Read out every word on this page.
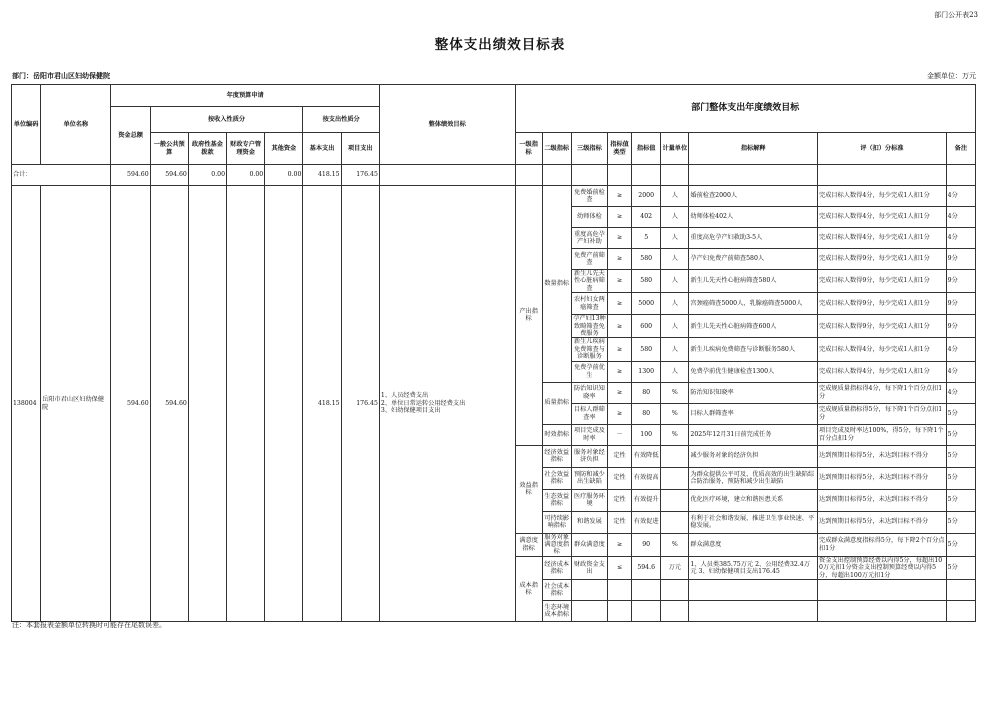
部门公开表23
整体支出绩效目标表
部门：岳阳市君山区妇幼保健院	金额单位：万元
单位编码	单位名称	年度预算申请							整体绩效目标	部门整体支出年度绩效目标								
		资金总额	按收入性质分				按支出性质分											
			一般公共预算	政府性基金拨款	财政专户管理资金	其他资金	基本支出	项目支出		一级指标	二级指标	三级指标	指标值类型	指标值	计量单位	指标解释	评（扣）分标准	备注
合计：		594.60	594.60	0.00	0.00	0.00	418.15	176.45										
138004	岳阳市君山区妇幼保健院	594.60	594.60				418.15	176.45	1、人员经费支出
2、单位日常运转公用经费支出
3、妇幼保健项目支出	产出指标	数量指标	免费婚前检查	≥	2000	人	婚前检查2000人	完成目标人数得4分，每少完成1人扣1分	4分
												幼师体检	≥	402	人	幼师体检402人	完成目标人数得4分，每少完成1人扣1分	4分
												重度高危孕产妇补助	≥	5	人	重度高危孕产妇救助3-5人	完成目标人数得4分，每少完成1人扣1分	4分
												免费产前筛查	≥	580	人	孕产妇免费产前筛查580人	完成目标人数得9分，每少完成1人扣1分	9分
												新生儿先天性心脏病筛查	≥	580	人	新生儿先天性心脏病筛查580人	完成目标人数得9分，每少完成1人扣1分	9分
												农村妇女两癌筛查	≥	5000	人	宫颈癌筛查5000人，乳腺癌筛查5000人	完成目标人数得9分，每少完成1人扣1分	9分
												孕产妇13种致畸筛查免费服务	≥	600	人	新生儿先天性心脏病筛查600人	完成目标人数得9分，每少完成1人扣1分	9分
												新生儿疾病免费筛查与诊断服务	≥	580	人	新生儿疾病免费筛查与诊断服务580人	完成目标人数得4分，每少完成1人扣1分	4分
												免费孕前优生	≥	1300	人	免费孕前优生健康检查1300人	完成目标人数得4分，每少完成1人扣1分	4分
											质量指标	防治知识知晓率	≥	80	%	防治知识知晓率	完成规质量指标得4分，每下降1个百分点扣1分	4分
												目标人群筛查率	≥	80	%	目标人群筛查率	完成规质量指标得5分，每下降1个百分点扣1分	5分
											时效指标	项目完成及时率	－	100	%	2025年12月31日前完成任务	项目完成及时率达100%，得5分，每下降1个百分点扣1分	5分
										效益指标	经济效益指标	服务对象经济负担	定性	有效降低		减少服务对象的经济负担	达到预期目标得5分，未达到目标不得分	5分
											社会效益指标	预防和减少出生缺陷	定性	有效提高		为群众提供公平可及、优质高效的出生缺陷综合防治服务，预防和减少出生缺陷	达到预期目标得5分，未达到目标不得分	5分
											生态效益指标	医疗服务环境	定性	有效提升		优化医疗环境，建立和谐医患关系	达到预期目标得5分，未达到目标不得分	5分
											可持续影响指标	和谐发展	定性	有效促进		有利于社会和谐发展，推进卫生事业快速、平稳发展。	达到预期目标得5分，未达到目标不得分	5分
										满意度指标	服务对象满意度指标	群众满意度	≥	90	%	群众满意度	完成群众满意度指标得5分，每下降2个百分点扣1分	5分
										成本指标	经济成本指标	财政资金支出	≤	594.6	万元	1、人员类385.75万元 2、公用经费32.4万元 3、妇幼保健项目支出176.45	资金支出控制预算经费以内得5分，每超出100万元扣1分资金支出控制预算经费以内得5分，每超出100万元扣1分	5分
											社会成本指标							
											生态环境成本指标							
注：本套报表金额单位转换时可能存在尾数误差。
